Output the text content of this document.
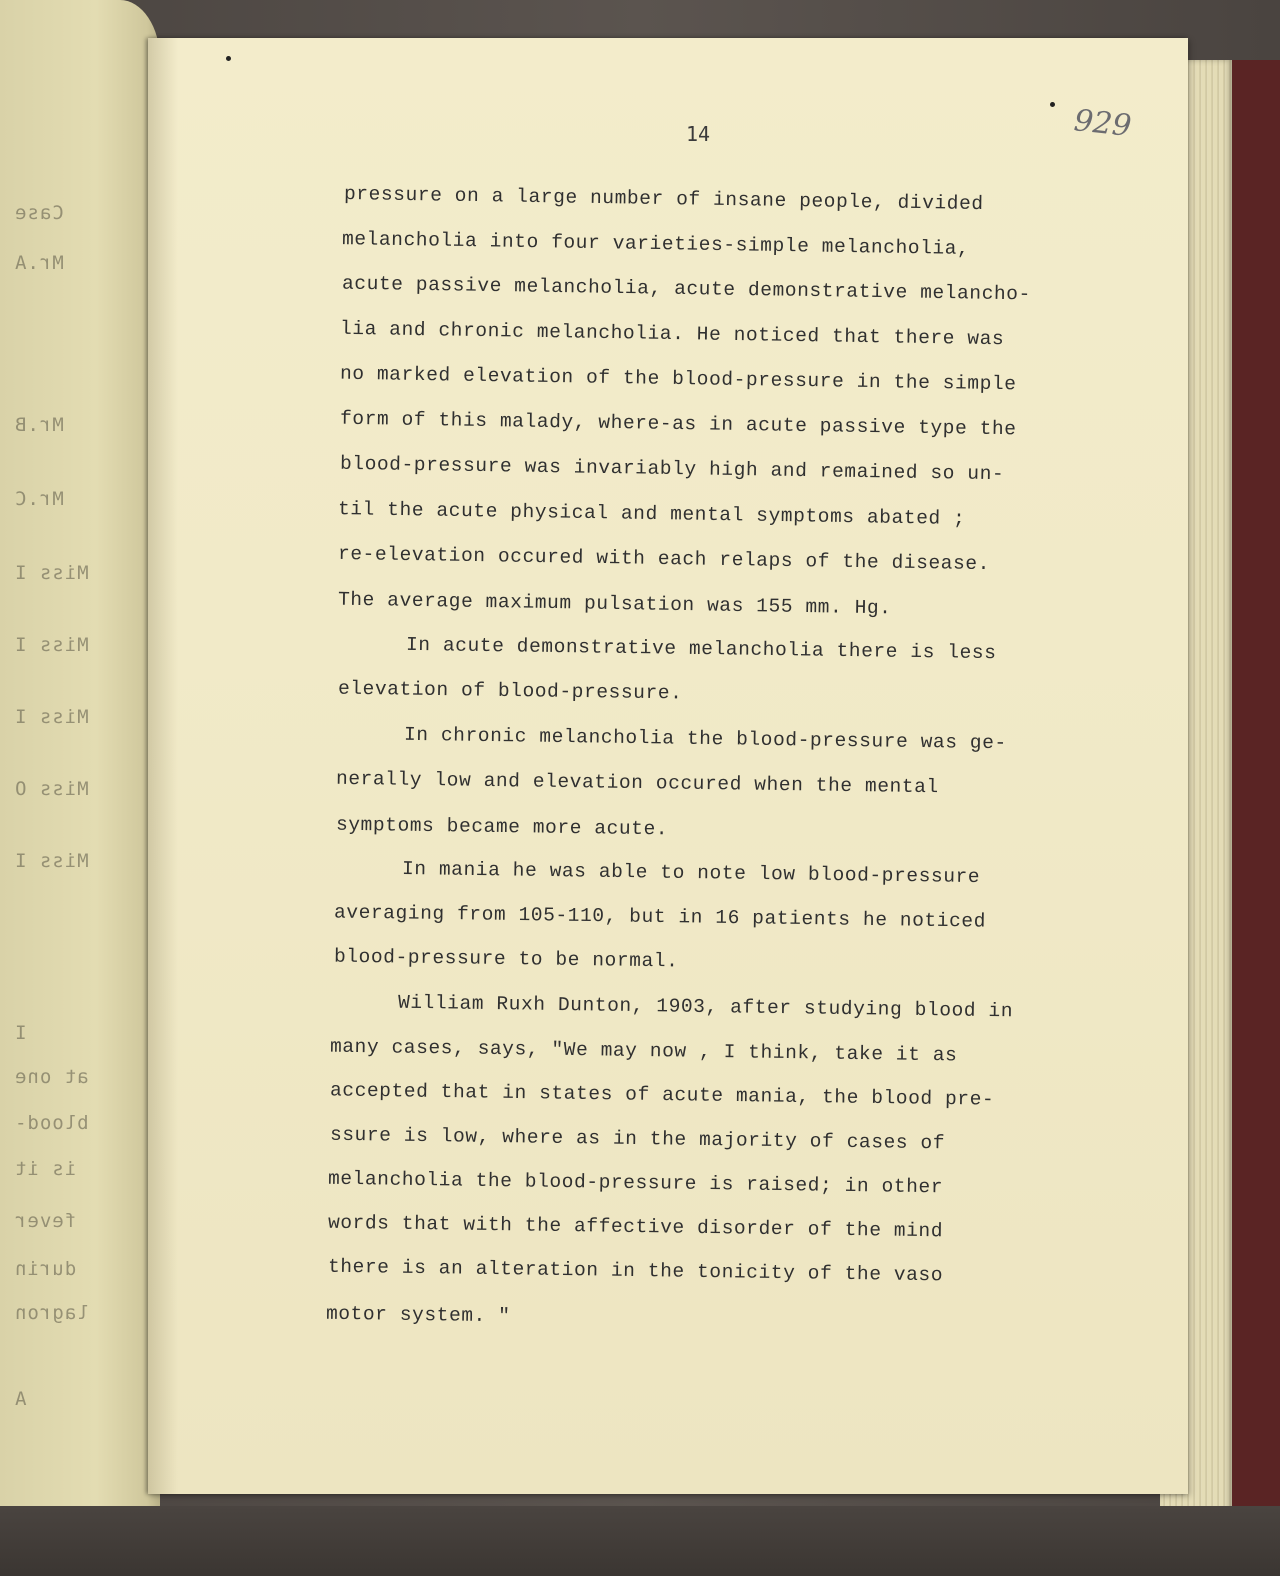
Case
Mr.A
Mr.B
Mr.C
Miss I
Miss I
Miss I
Miss O
Miss I
I
at one
blood-
is it
fever
durin
lagron
A
14	929
pressure on a large number of insane people, divided
melancholia into four varieties-simple melancholia,
acute passive melancholia, acute demonstrative melancho-
lia and chronic melancholia. He noticed that there was
no marked elevation of the blood-pressure in the simple
form of this malady, where-as in acute passive type the
blood-pressure was invariably high and remained so un-
til the acute physical and mental symptoms abated ;
re-elevation occured with each relaps of the disease.
The average maximum pulsation was 155 mm. Hg.
In acute demonstrative melancholia there is less
elevation of blood-pressure.
In chronic melancholia the blood-pressure was ge-
nerally low and elevation occured when the mental
symptoms became more acute.
In mania he was able to note low blood-pressure
averaging from 105-110, but in 16 patients he noticed
blood-pressure to be normal.
William Ruxh Dunton, 1903, after studying blood in
many cases, says, "We may now , I think, take it as
accepted that in states of acute mania, the blood pre-
ssure is low, where as in the majority of cases of
melancholia the blood-pressure is raised; in other
words that with the affective disorder of the mind
there is an alteration in the tonicity of the vaso
motor system. "
